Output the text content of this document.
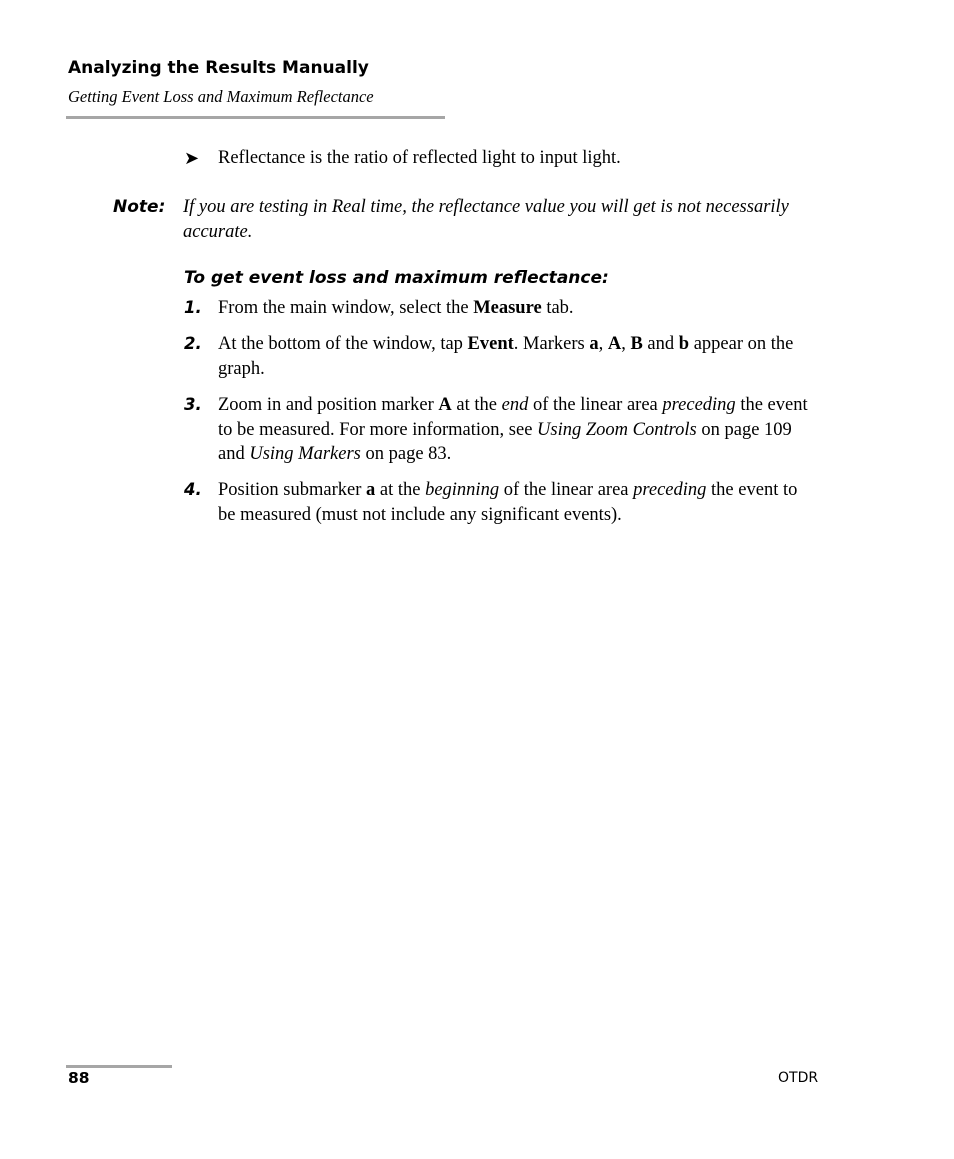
Analyzing the Results Manually
Getting Event Loss and Maximum Reflectance
➤ Reflectance is the ratio of reflected light to input light.
Note: If you are testing in Real time, the reflectance value you will get is not necessarily accurate.
To get event loss and maximum reflectance:
1. From the main window, select the Measure tab.
2. At the bottom of the window, tap Event. Markers a, A, B and b appear on the graph.
3. Zoom in and position marker A at the end of the linear area preceding the event to be measured. For more information, see Using Zoom Controls on page 109 and Using Markers on page 83.
4. Position submarker a at the beginning of the linear area preceding the event to be measured (must not include any significant events).
88	OTDR
